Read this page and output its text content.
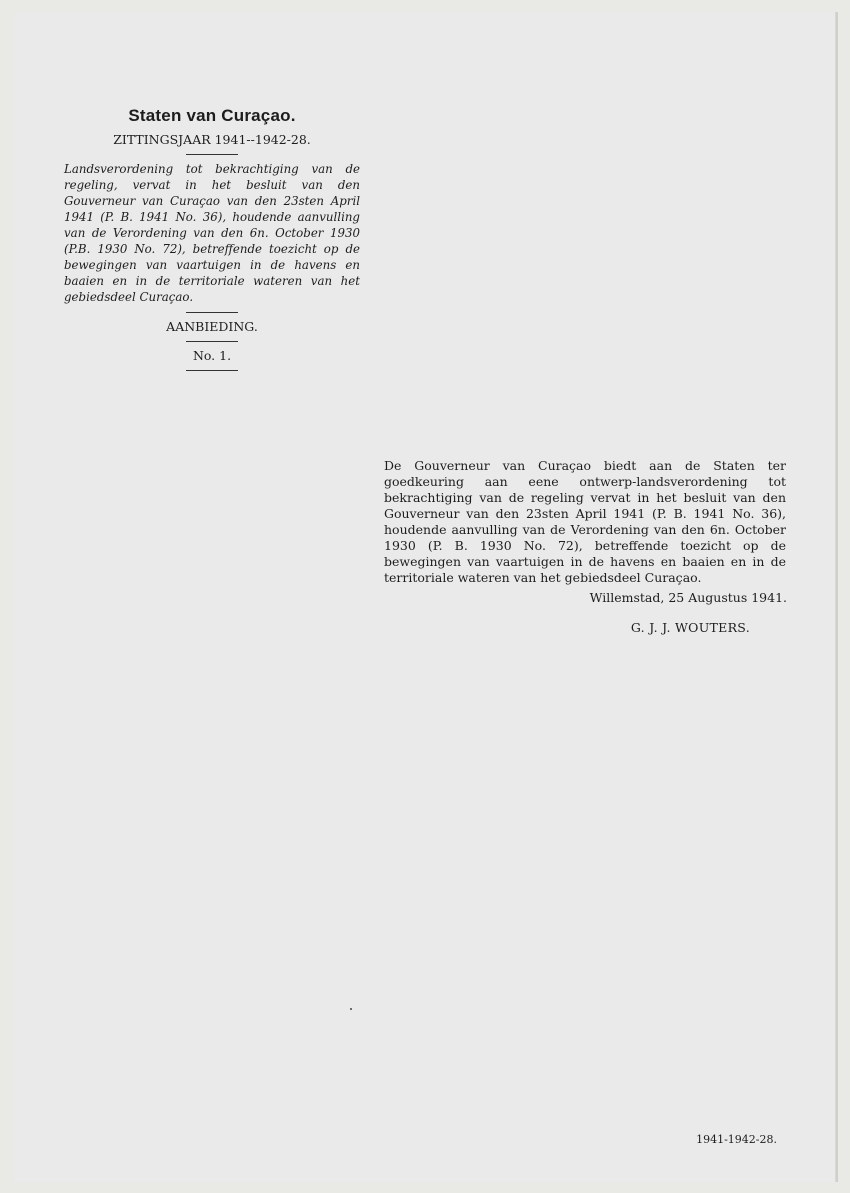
Staten van Curaçao.
ZITTINGSJAAR 1941--1942-28.
Landsverordening tot bekrachtiging van de regeling, vervat in het besluit van den Gouverneur van Curaçao van den 23sten April 1941 (P. B. 1941 No. 36), houdende aanvulling van de Verordening van den 6n. October 1930 (P.B. 1930 No. 72), betreffende toezicht op de bewegingen van vaartuigen in de havens en baaien en in de territoriale wateren van het gebiedsdeel Curaçao.
AANBIEDING.
No. 1.
De Gouverneur van Curaçao biedt aan de Staten ter goedkeuring aan eene ontwerp-landsverordening tot bekrachtiging van de regeling vervat in het besluit van den Gouverneur van den 23sten April 1941 (P. B. 1941 No. 36), houdende aanvulling van de Verordening van den 6n. October 1930 (P. B. 1930 No. 72), betreffende toezicht op de bewegingen van vaartuigen in de havens en baaien en in de territoriale wateren van het gebiedsdeel Curaçao.
Willemstad, 25 Augustus 1941.
G. J. J. WOUTERS.
1941-1942-28.
